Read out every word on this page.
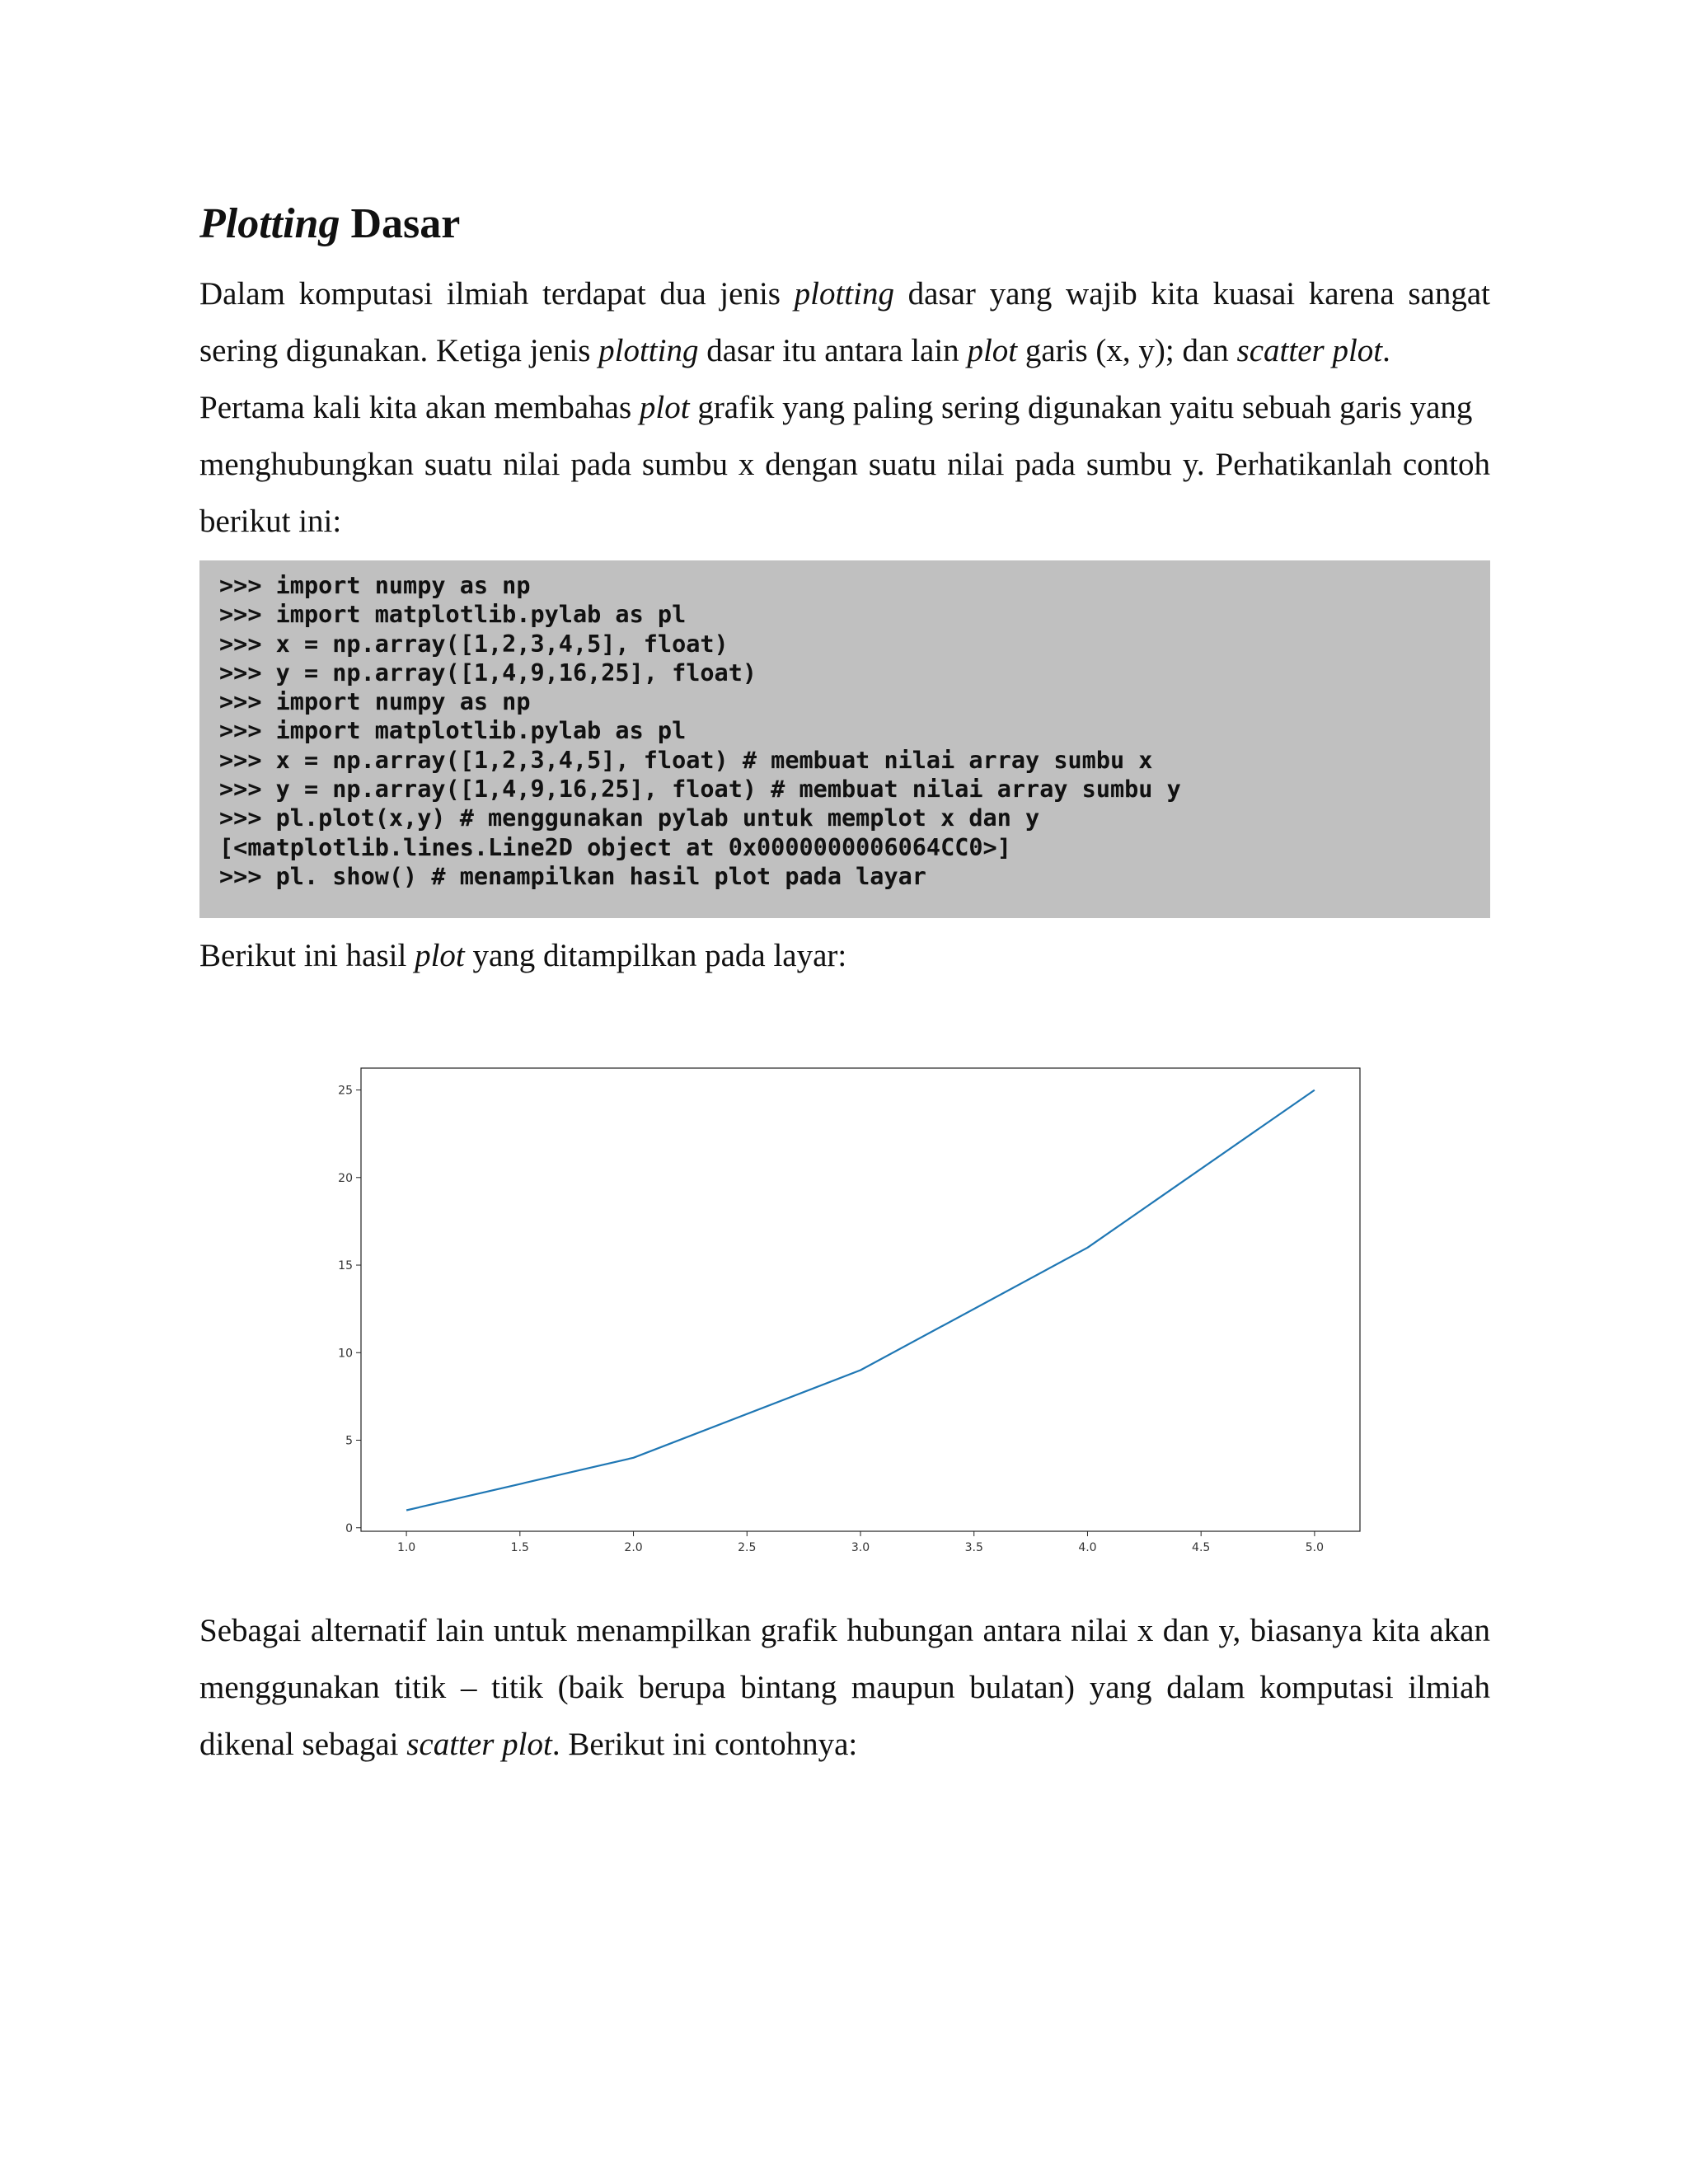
Plotting Dasar

Dalam komputasi ilmiah terdapat dua jenis plotting dasar yang wajib kita kuasai karena sangat
sering digunakan. Ketiga jenis plotting dasar itu antara lain plot garis (x, y); dan scatter plot.
Pertama kali kita akan membahas plot grafik yang paling sering digunakan yaitu sebuah garis yang
menghubungkan suatu nilai pada sumbu x dengan suatu nilai pada sumbu y. Perhatikanlah contoh
berikut ini:

>>> import numpy as np
>>> import matplotlib.pylab as pl
>>> x = np.array([1,2,3,4,5], float)
>>> y = np.array([1,4,9,16,25], float)
>>> import numpy as np
>>> import matplotlib.pylab as pl
>>> x = np.array([1,2,3,4,5], float) # membuat nilai array sumbu x
>>> y = np.array([1,4,9,16,25], float) # membuat nilai array sumbu y
>>> pl.plot(x,y) # menggunakan pylab untuk memplot x dan y
[<matplotlib.lines.Line2D object at 0x0000000006064CC0>]
>>> pl. show() # menampilkan hasil plot pada layar

Berikut ini hasil plot yang ditampilkan pada layar:

0
5
10
15
20
25
1.0	1.5	2.0	2.5	3.0	3.5	4.0	4.5	5.0

Sebagai alternatif lain untuk menampilkan grafik hubungan antara nilai x dan y, biasanya kita akan
menggunakan titik – titik (baik berupa bintang maupun bulatan) yang dalam komputasi ilmiah
dikenal sebagai scatter plot. Berikut ini contohnya:
